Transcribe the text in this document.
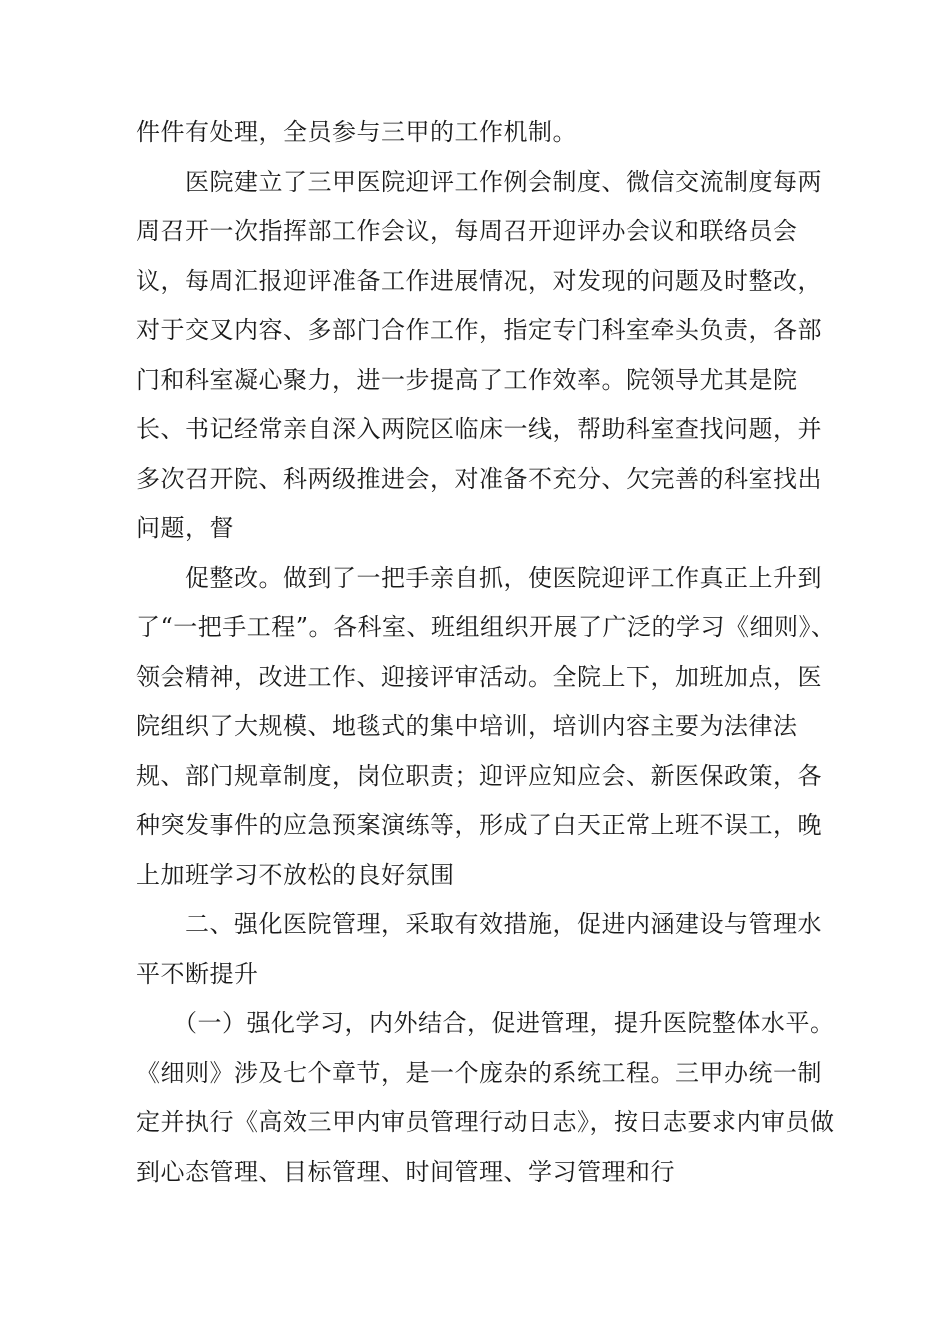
件件有处理，全员参与三甲的工作机制。

　　医院建立了三甲医院迎评工作例会制度、微信交流制度每两周召开一次指挥部工作会议，每周召开迎评办会议和联络员会议，每周汇报迎评准备工作进展情况，对发现的问题及时整改，对于交叉内容、多部门合作工作，指定专门科室牵头负责，各部门和科室凝心聚力，进一步提高了工作效率。院领导尤其是院长、书记经常亲自深入两院区临床一线，帮助科室查找问题，并多次召开院、科两级推进会，对准备不充分、欠完善的科室找出问题，督

　　促整改。做到了一把手亲自抓，使医院迎评工作真正上升到了“一把手工程”。各科室、班组组织开展了广泛的学习《细则》、领会精神，改进工作、迎接评审活动。全院上下，加班加点，医院组织了大规模、地毯式的集中培训，培训内容主要为法律法规、部门规章制度，岗位职责；迎评应知应会、新医保政策，各种突发事件的应急预案演练等，形成了白天正常上班不误工，晚上加班学习不放松的良好氛围

　　二、强化医院管理，采取有效措施，促进内涵建设与管理水平不断提升

　　（一）强化学习，内外结合，促进管理，提升医院整体水平。《细则》涉及七个章节，是一个庞杂的系统工程。三甲办统一制定并执行《高效三甲内审员管理行动日志》，按日志要求内审员做到心态管理、目标管理、时间管理、学习管理和行
